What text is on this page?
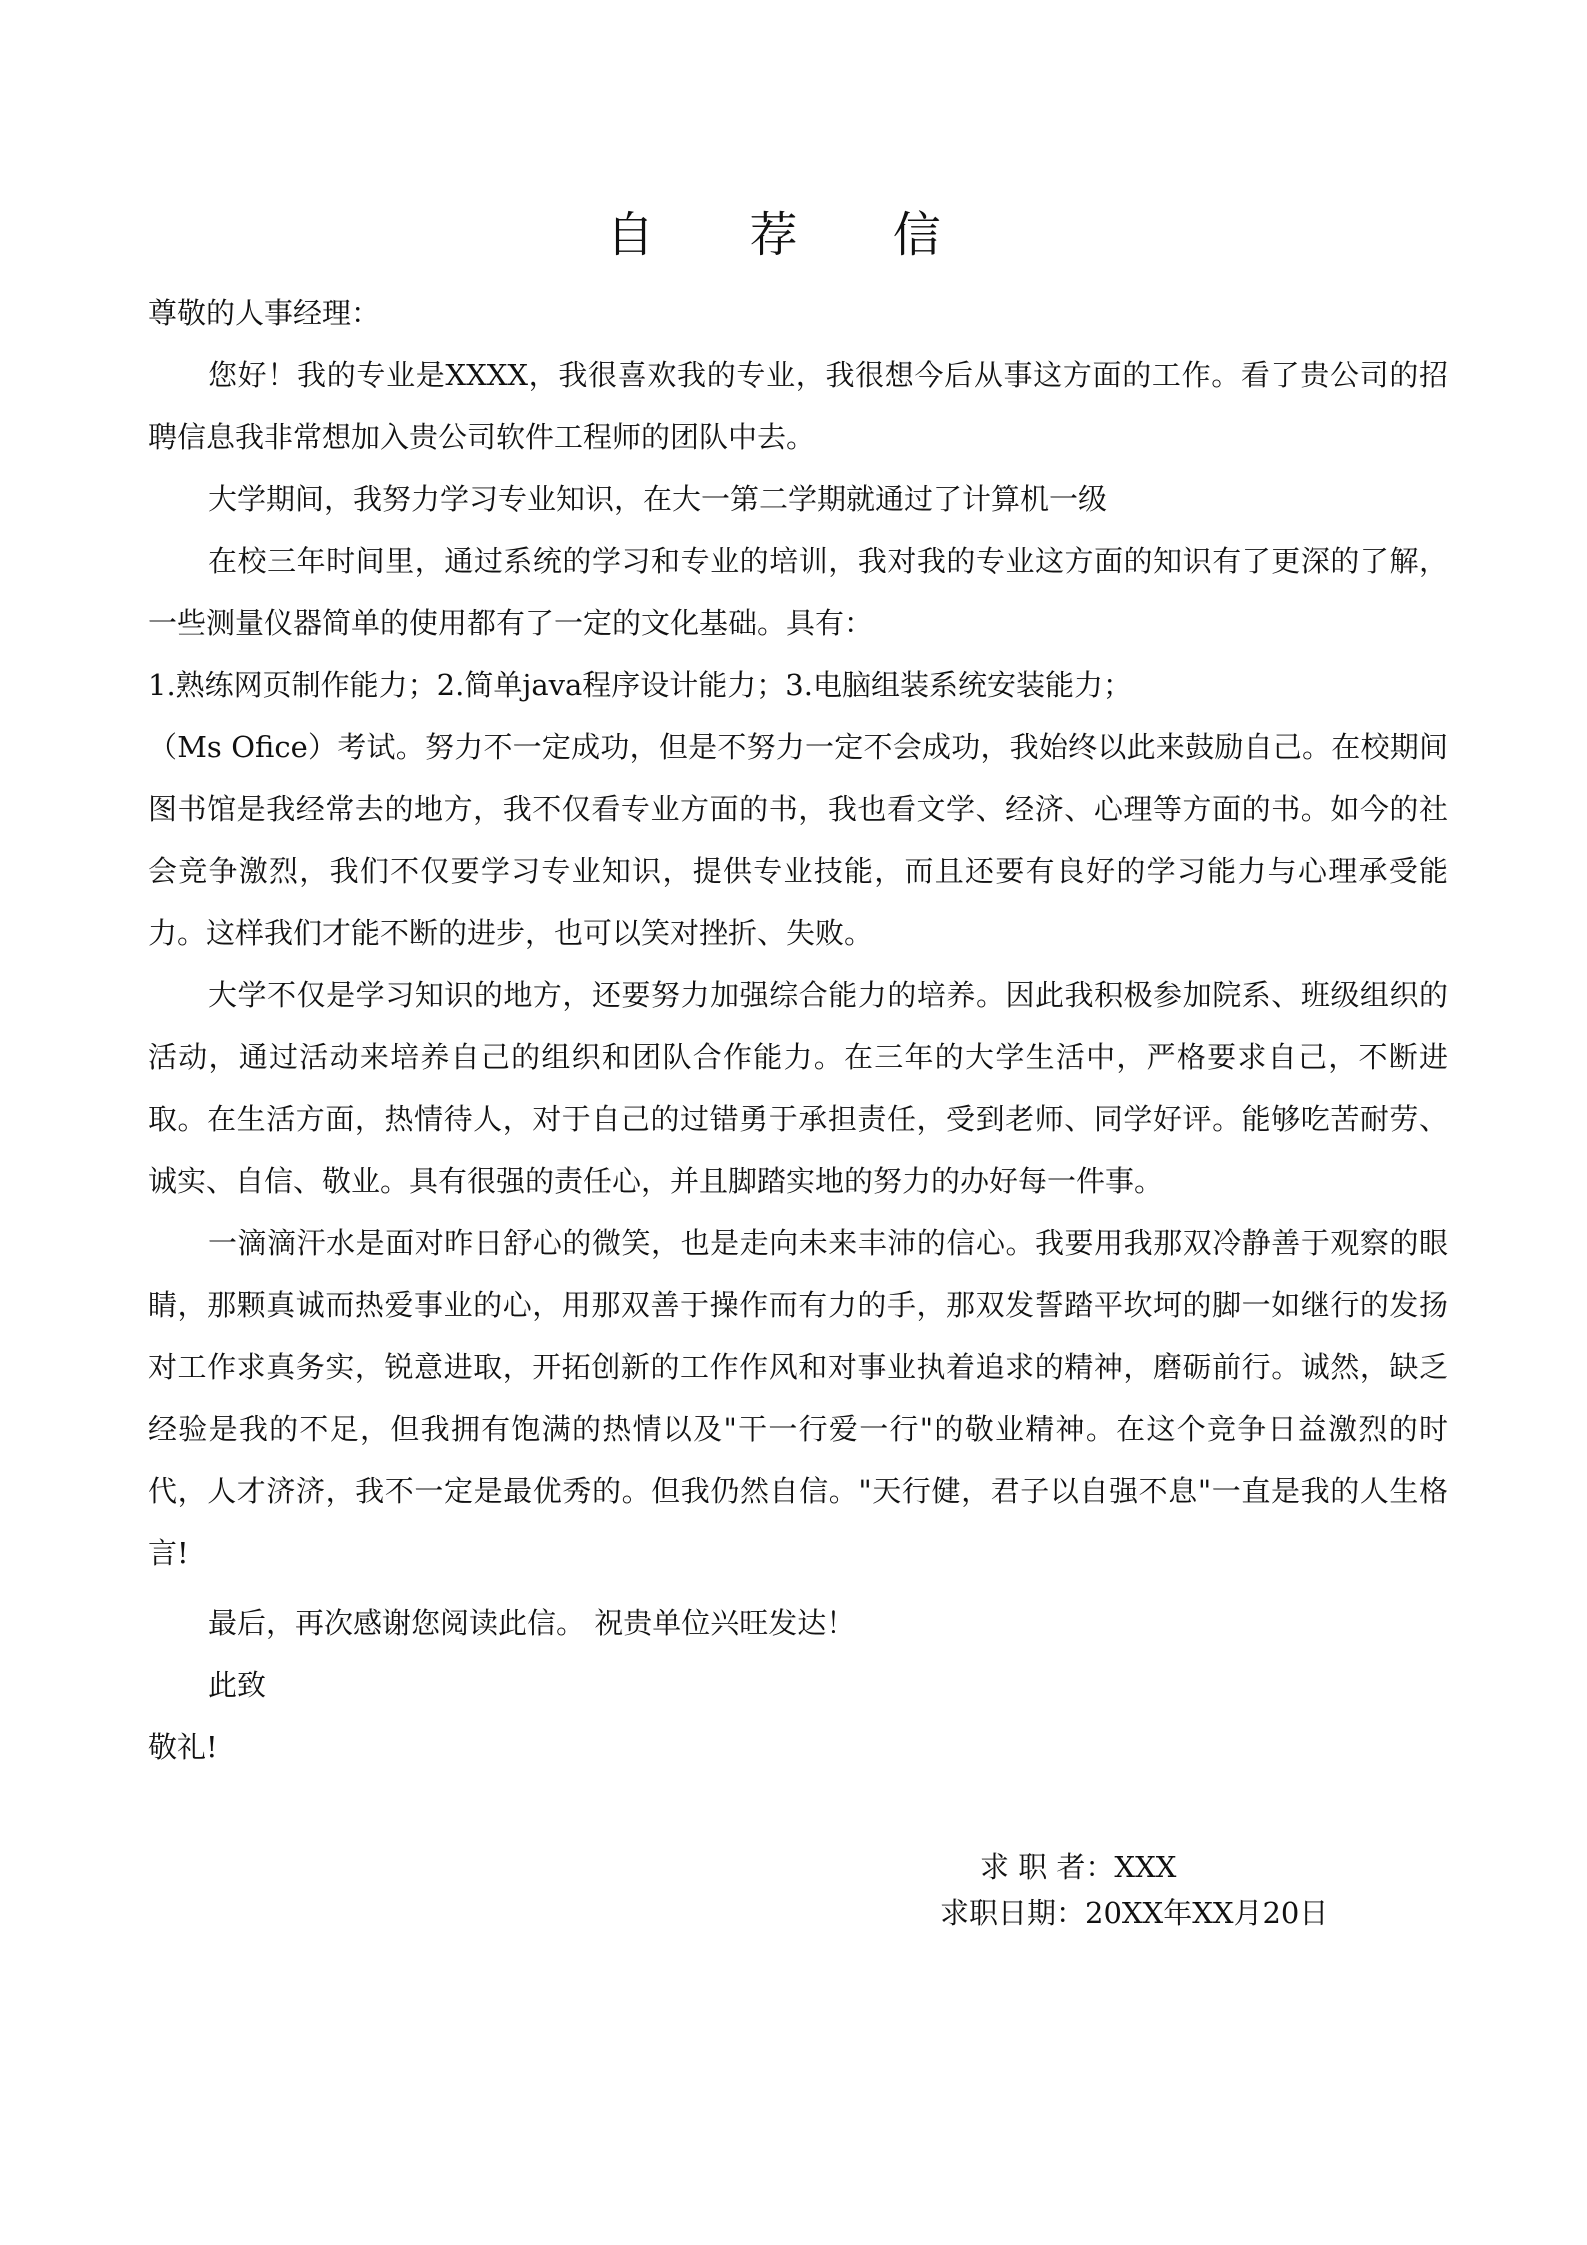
自 荐 信

尊敬的人事经理：

您好！我的专业是XXXX，我很喜欢我的专业，我很想今后从事这方面的工作。看了贵公司的招聘信息我非常想加入贵公司软件工程师的团队中去。

大学期间，我努力学习专业知识，在大一第二学期就通过了计算机一级

在校三年时间里，通过系统的学习和专业的培训，我对我的专业这方面的知识有了更深的了解，一些测量仪器简单的使用都有了一定的文化基础。具有：

1.熟练网页制作能力；2.简单java程序设计能力；3.电脑组装系统安装能力；

（Ms Ofice）考试。努力不一定成功，但是不努力一定不会成功，我始终以此来鼓励自己。在校期间图书馆是我经常去的地方，我不仅看专业方面的书，我也看文学、经济、心理等方面的书。如今的社会竞争激烈，我们不仅要学习专业知识，提供专业技能，而且还要有良好的学习能力与心理承受能力。这样我们才能不断的进步，也可以笑对挫折、失败。

大学不仅是学习知识的地方，还要努力加强综合能力的培养。因此我积极参加院系、班级组织的活动，通过活动来培养自己的组织和团队合作能力。在三年的大学生活中，严格要求自己，不断进取。在生活方面，热情待人，对于自己的过错勇于承担责任，受到老师、同学好评。能够吃苦耐劳、诚实、自信、敬业。具有很强的责任心，并且脚踏实地的努力的办好每一件事。

一滴滴汗水是面对昨日舒心的微笑，也是走向未来丰沛的信心。我要用我那双冷静善于观察的眼睛，那颗真诚而热爱事业的心，用那双善于操作而有力的手，那双发誓踏平坎坷的脚一如继行的发扬对工作求真务实，锐意进取，开拓创新的工作作风和对事业执着追求的精神，磨砺前行。诚然，缺乏经验是我的不足，但我拥有饱满的热情以及"干一行爱一行"的敬业精神。在这个竞争日益激烈的时代，人才济济，我不一定是最优秀的。但我仍然自信。"天行健，君子以自强不息"一直是我的人生格言!

最后，再次感谢您阅读此信。 祝贵单位兴旺发达！

此致

敬礼!

求 职 者：XXX
求职日期：20XX年XX月20日
